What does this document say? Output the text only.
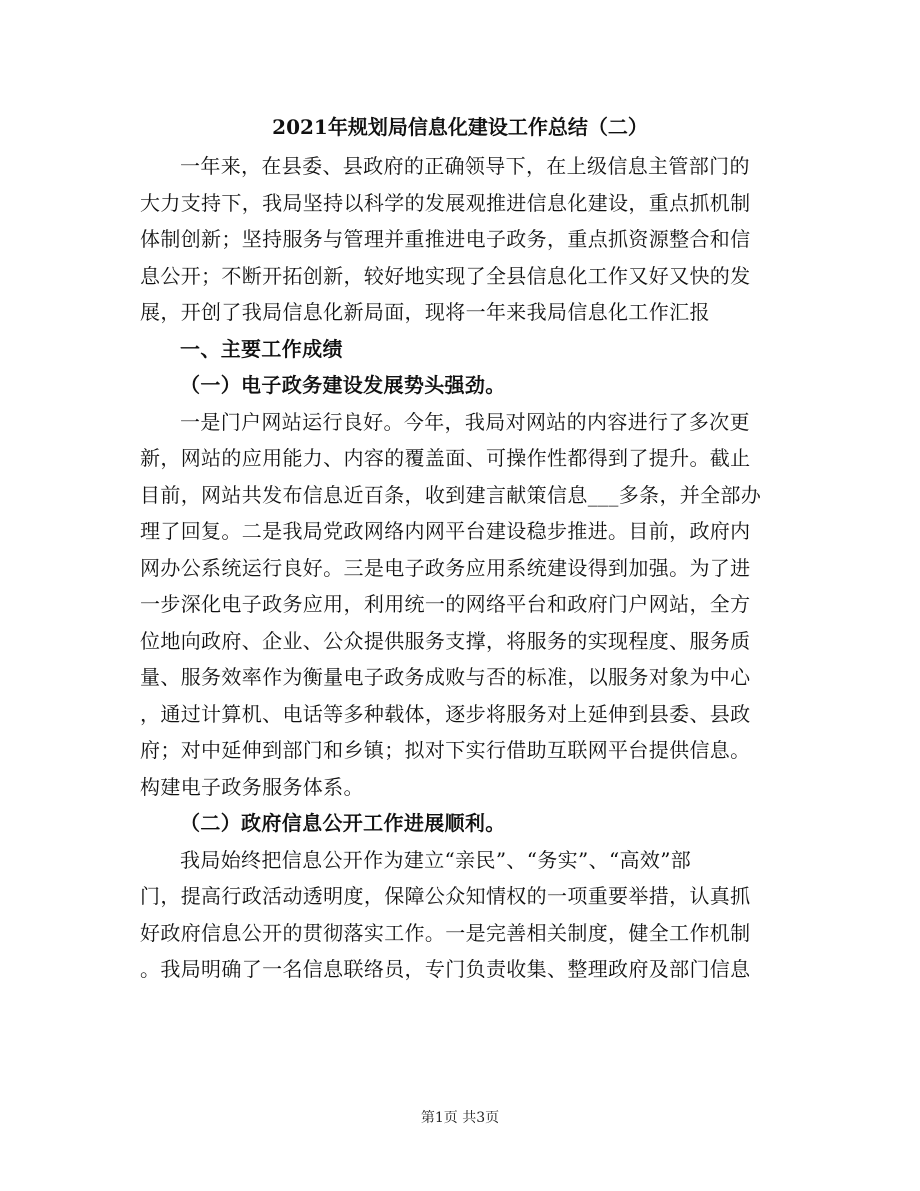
2021年规划局信息化建设工作总结（二）
一年来，在县委、县政府的正确领导下，在上级信息主管部门的
大力支持下，我局坚持以科学的发展观推进信息化建设，重点抓机制
体制创新；坚持服务与管理并重推进电子政务，重点抓资源整合和信
息公开；不断开拓创新，较好地实现了全县信息化工作又好又快的发
展，开创了我局信息化新局面，现将一年来我局信息化工作汇报
一、主要工作成绩
（一）电子政务建设发展势头强劲。
一是门户网站运行良好。今年，我局对网站的内容进行了多次更
新，网站的应用能力、内容的覆盖面、可操作性都得到了提升。截止
目前，网站共发布信息近百条，收到建言献策信息___多条，并全部办
理了回复。二是我局党政网络内网平台建设稳步推进。目前，政府内
网办公系统运行良好。三是电子政务应用系统建设得到加强。为了进
一步深化电子政务应用，利用统一的网络平台和政府门户网站，全方
位地向政府、企业、公众提供服务支撑，将服务的实现程度、服务质
量、服务效率作为衡量电子政务成败与否的标准，以服务对象为中心
，通过计算机、电话等多种载体，逐步将服务对上延伸到县委、县政
府；对中延伸到部门和乡镇；拟对下实行借助互联网平台提供信息。
构建电子政务服务体系。
（二）政府信息公开工作进展顺利。
我局始终把信息公开作为建立“亲民”、“务实”、“高效”部
门，提高行政活动透明度，保障公众知情权的一项重要举措，认真抓
好政府信息公开的贯彻落实工作。一是完善相关制度，健全工作机制
。我局明确了一名信息联络员，专门负责收集、整理政府及部门信息
第1页 共3页
